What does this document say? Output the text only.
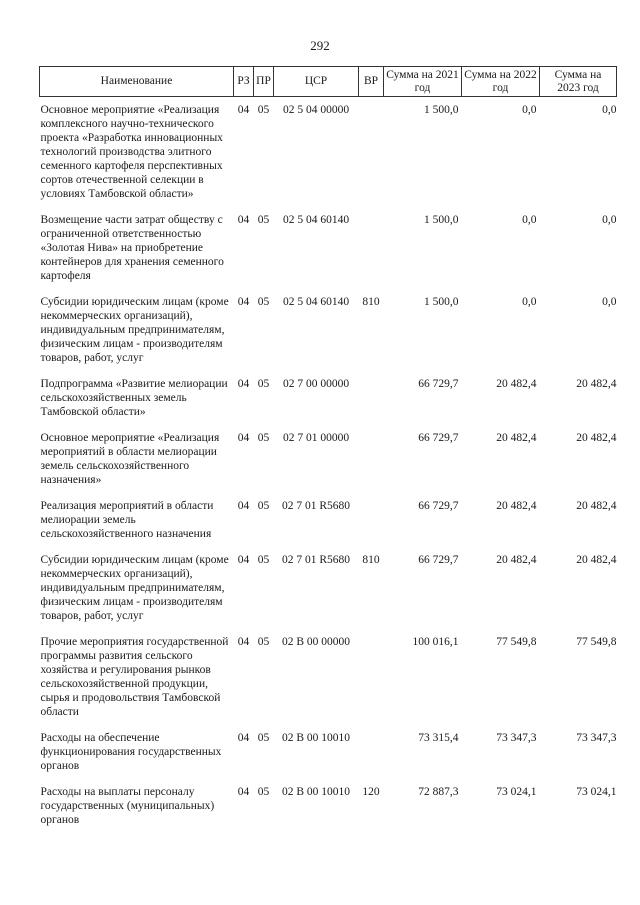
292
Наименование	РЗ	ПР	ЦСР	ВР	Сумма на 2021 год	Сумма на 2022 год	Сумма на 2023 год
Основное мероприятие «Реализация комплексного научно-технического проекта «Разработка инновационных технологий производства элитного семенного картофеля перспективных сортов отечественной селекции в условиях Тамбовской области»	04	05	02 5 04 00000		1 500,0	0,0	0,0
Возмещение части затрат обществу с ограниченной ответственностью «Золотая Нива» на приобретение контейнеров для хранения семенного картофеля	04	05	02 5 04 60140		1 500,0	0,0	0,0
Субсидии юридическим лицам (кроме некоммерческих организаций), индивидуальным предпринимателям, физическим лицам - производителям товаров, работ, услуг	04	05	02 5 04 60140	810	1 500,0	0,0	0,0
Подпрограмма «Развитие мелиорации сельскохозяйственных земель Тамбовской области»	04	05	02 7 00 00000		66 729,7	20 482,4	20 482,4
Основное мероприятие «Реализация мероприятий в области мелиорации земель сельскохозяйственного назначения»	04	05	02 7 01 00000		66 729,7	20 482,4	20 482,4
Реализация мероприятий в области мелиорации земель сельскохозяйственного назначения	04	05	02 7 01 R5680		66 729,7	20 482,4	20 482,4
Субсидии юридическим лицам (кроме некоммерческих организаций), индивидуальным предпринимателям, физическим лицам - производителям товаров, работ, услуг	04	05	02 7 01 R5680	810	66 729,7	20 482,4	20 482,4
Прочие мероприятия государственной программы развития сельского хозяйства и регулирования рынков сельскохозяйственной продукции, сырья и продовольствия Тамбовской области	04	05	02 В 00 00000		100 016,1	77 549,8	77 549,8
Расходы на обеспечение функционирования государственных органов	04	05	02 В 00 10010		73 315,4	73 347,3	73 347,3
Расходы на выплаты персоналу государственных (муниципальных) органов	04	05	02 В 00 10010	120	72 887,3	73 024,1	73 024,1
